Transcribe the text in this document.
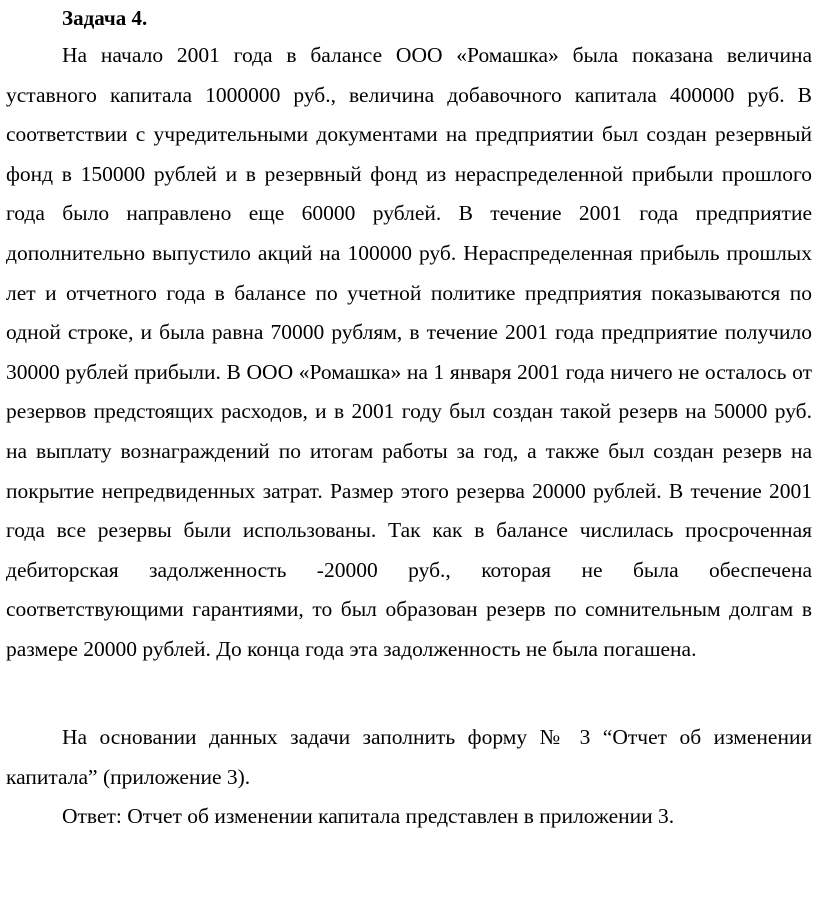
Задача 4.

На начало 2001 года в балансе ООО «Ромашка» была показана величина уставного капитала 1000000 руб., величина добавочного капитала 400000 руб. В соответствии с учредительными документами на предприятии был создан резервный фонд в 150000 рублей и в резервный фонд из нераспределенной прибыли прошлого года было направлено еще 60000 рублей. В течение 2001 года предприятие дополнительно выпустило акций на 100000 руб. Нераспределенная прибыль прошлых лет и отчетного года в балансе по учетной политике предприятия показываются по одной строке, и была равна 70000 рублям, в течение 2001 года предприятие получило 30000 рублей прибыли. В ООО «Ромашка» на 1 января 2001 года ничего не осталось от резервов предстоящих расходов, и в 2001 году был создан такой резерв на 50000 руб. на выплату вознаграждений по итогам работы за год, а также был создан резерв на покрытие непредвиденных затрат. Размер этого резерва 20000 рублей. В течение 2001 года все резервы были использованы. Так как в балансе числилась просроченная дебиторская задолженность -20000 руб., которая не была обеспечена соответствующими гарантиями, то был образован резерв по сомнительным долгам в размере 20000 рублей. До конца года эта задолженность не была погашена.

На основании данных задачи заполнить форму № 3 “Отчет об изменении капитала” (приложение 3).

Ответ: Отчет об изменении капитала представлен в приложении 3.
